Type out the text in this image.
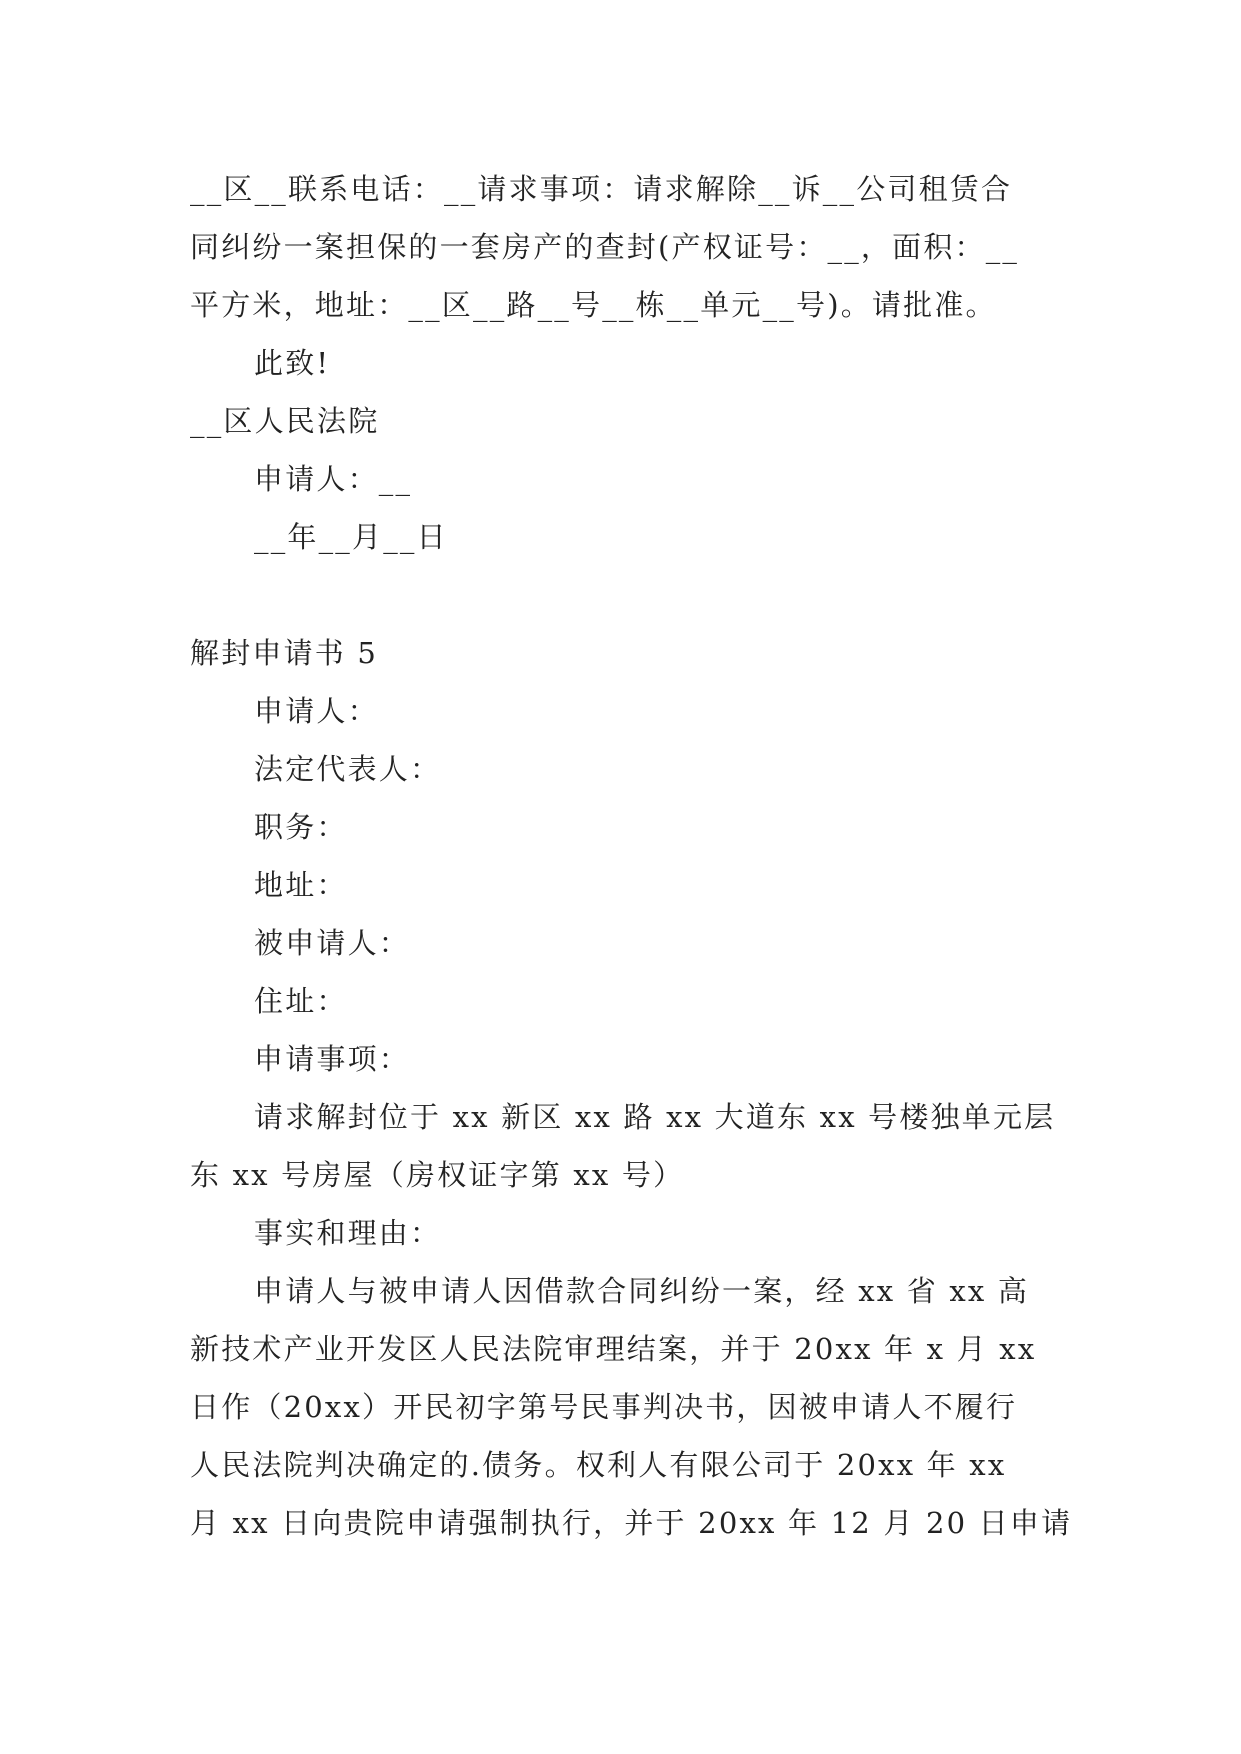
__区__联系电话：__请求事项：请求解除__诉__公司租赁合
同纠纷一案担保的一套房产的查封(产权证号：__，面积：__
平方米，地址：__区__路__号__栋__单元__号)。请批准。
此致!
__区人民法院
申请人：__
__年__月__日
解封申请书 5
申请人：
法定代表人：
职务：
地址：
被申请人：
住址：
申请事项：
请求解封位于 xx 新区 xx 路 xx 大道东 xx 号楼独单元层
东 xx 号房屋（房权证字第 xx 号）
事实和理由：
申请人与被申请人因借款合同纠纷一案，经 xx 省 xx 高
新技术产业开发区人民法院审理结案，并于 20xx 年 x 月 xx
日作（20xx）开民初字第号民事判决书，因被申请人不履行
人民法院判决确定的.债务。权利人有限公司于 20xx 年 xx
月 xx 日向贵院申请强制执行，并于 20xx 年 12 月 20 日申请
